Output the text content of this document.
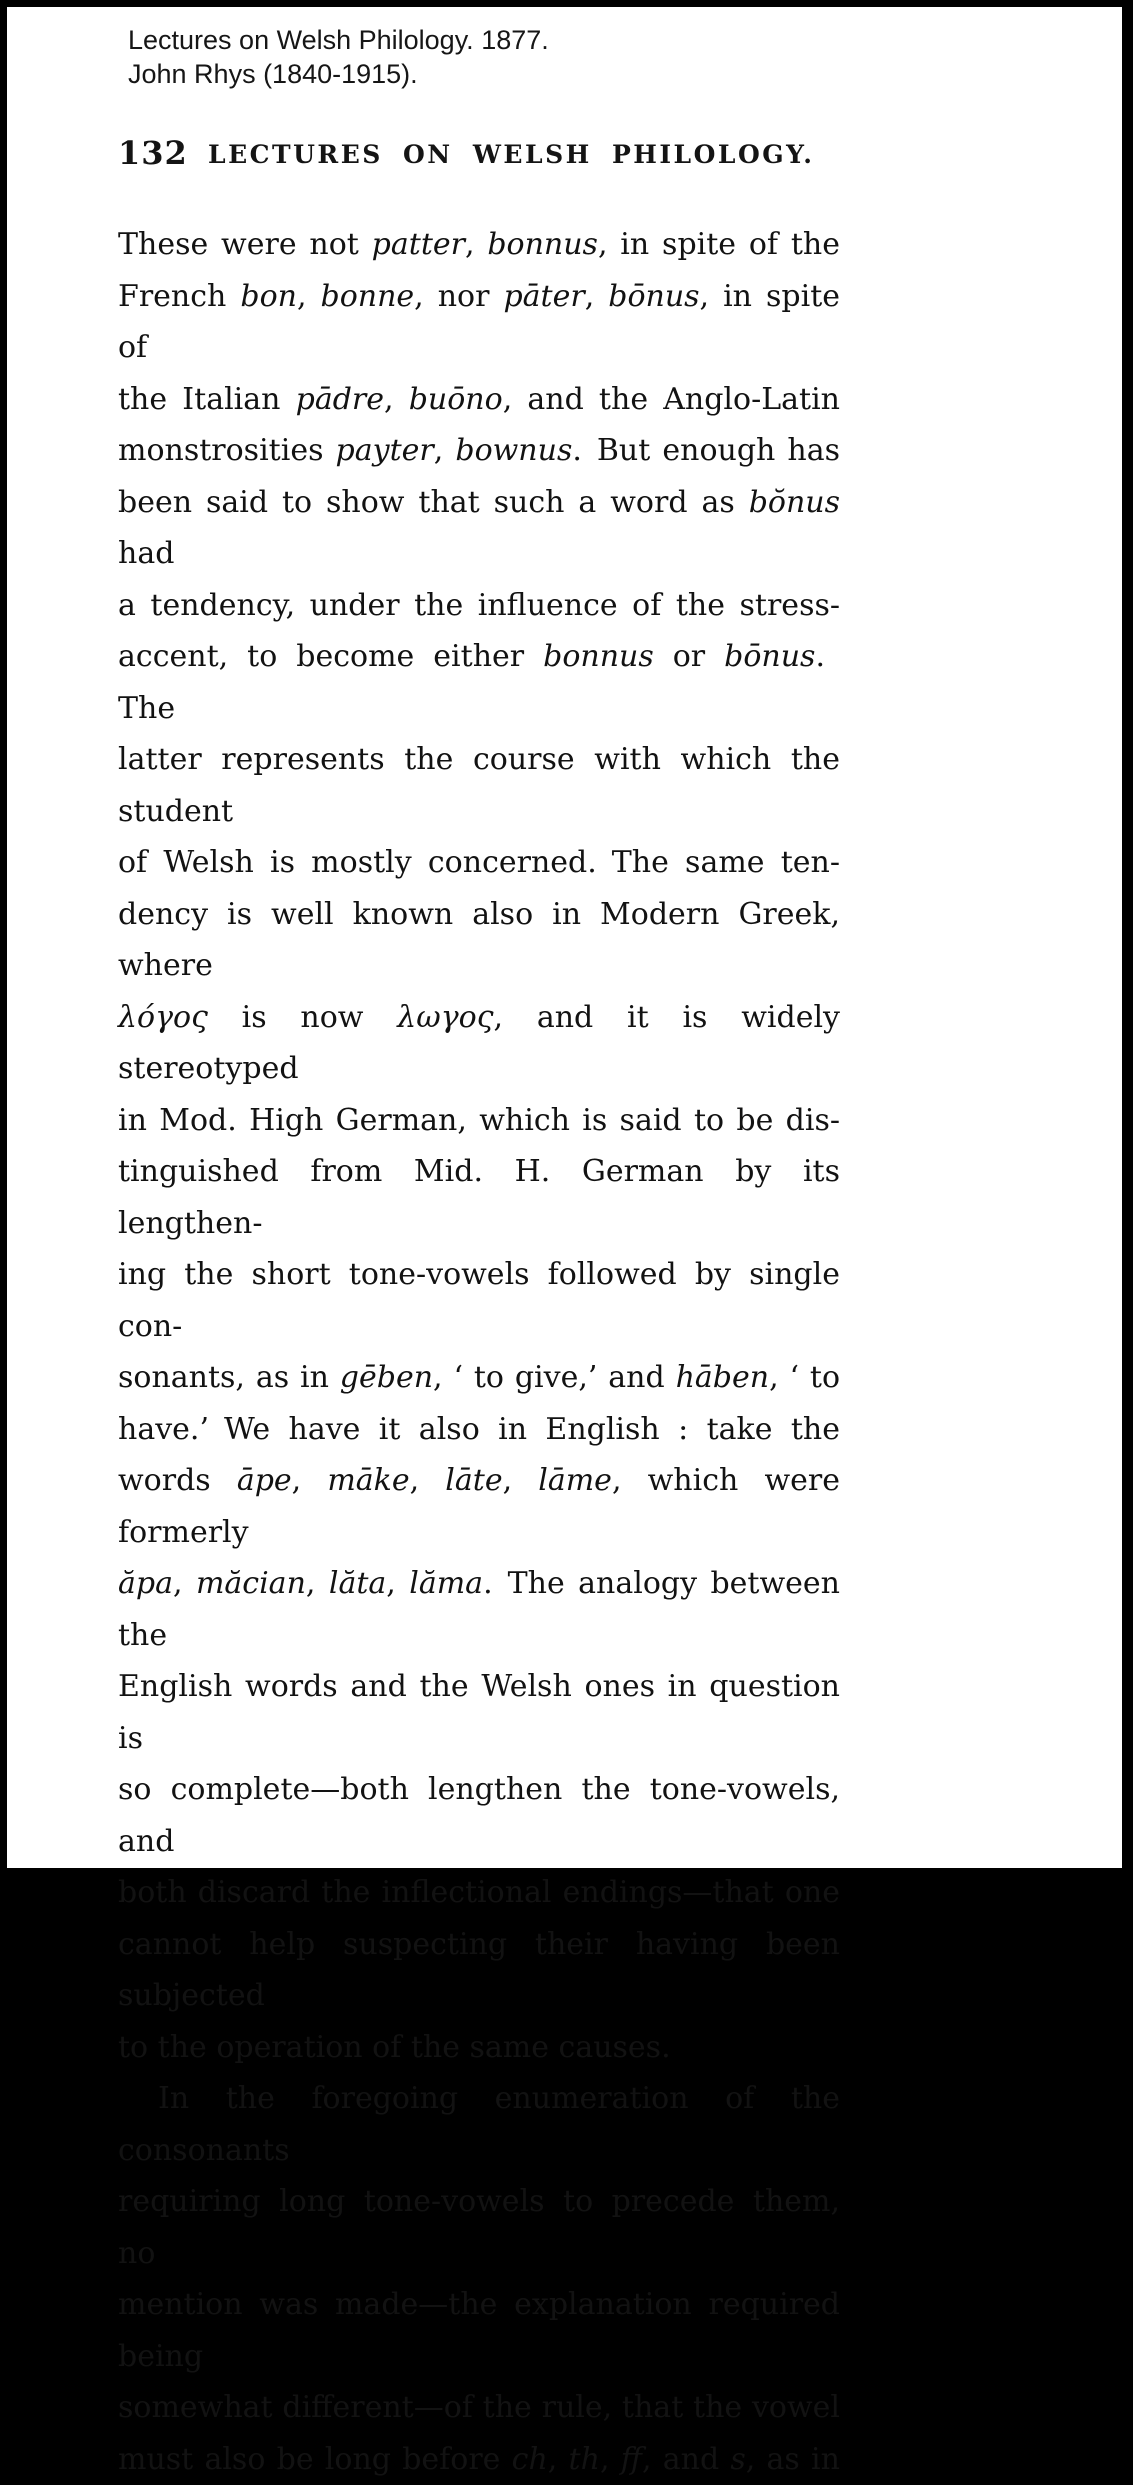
Lectures on Welsh Philology. 1877.
John Rhys (1840-1915).
132 LECTURES ON WELSH PHILOLOGY.
These were not patter, bonnus, in spite of the
French bon, bonne, nor pāter, bōnus, in spite of
the Italian pādre, buōno, and the Anglo-Latin
monstrosities payter, bownus. But enough has
been said to show that such a word as bŏnus had
a tendency, under the influence of the stress-
accent, to become either bonnus or bōnus. The
latter represents the course with which the student
of Welsh is mostly concerned. The same ten-
dency is well known also in Modern Greek, where
λόγος is now λωγος, and it is widely stereotyped
in Mod. High German, which is said to be dis-
tinguished from Mid. H. German by its lengthen-
ing the short tone-vowels followed by single con-
sonants, as in gēben, ‘ to give,’ and hāben, ‘ to
have.’ We have it also in English : take the
words āpe, māke, lāte, lāme, which were formerly
ăpa, măcian, lăta, lăma. The analogy between the
English words and the Welsh ones in question is
so complete—both lengthen the tone-vowels, and
both discard the inflectional endings—that one
cannot help suspecting their having been subjected
to the operation of the same causes.
In the foregoing enumeration of the consonants
requiring long tone-vowels to precede them, no
mention was made—the explanation required being
somewhat different—of the rule, that the vowel
must also be long before ch, th, ff, and s, as in
